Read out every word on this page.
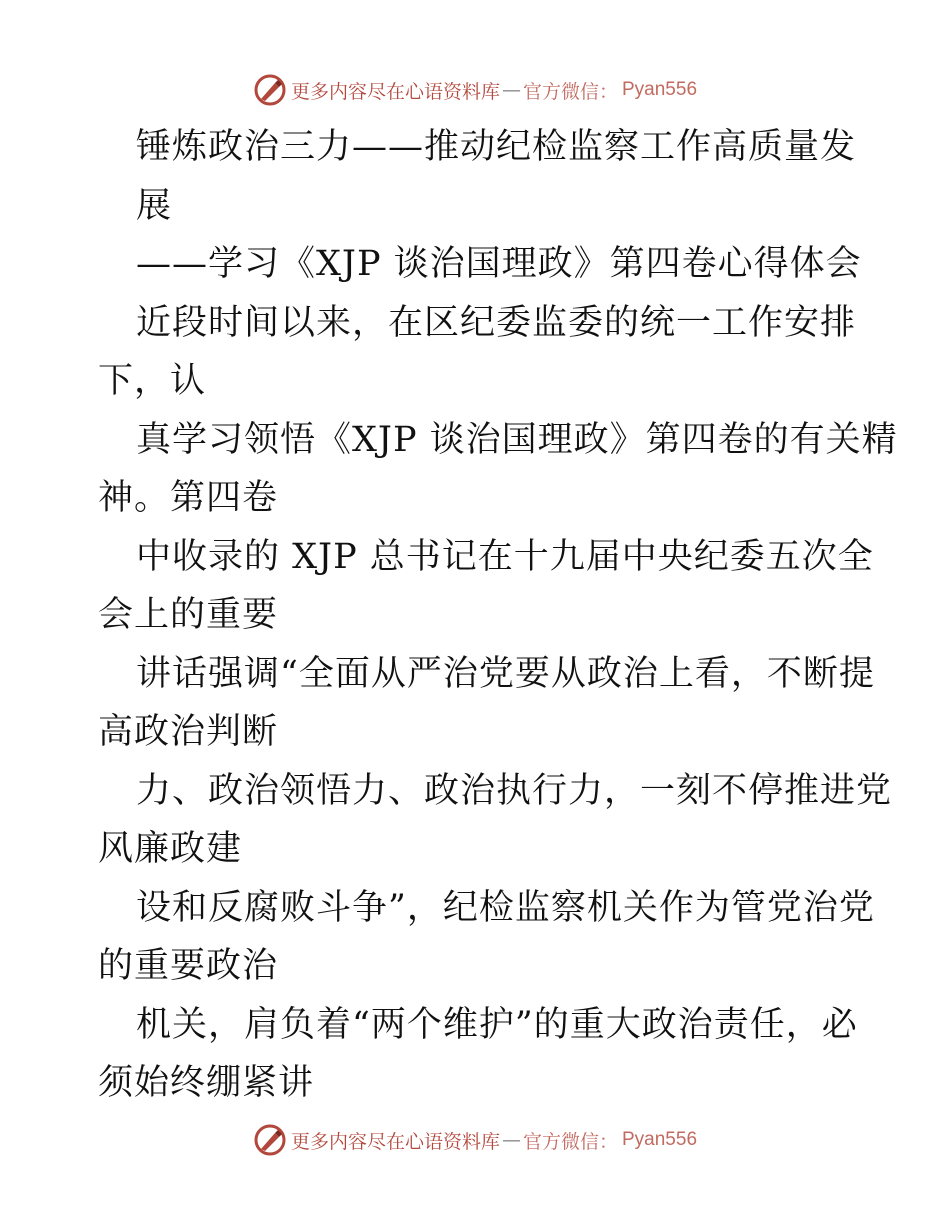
更多内容尽在心语资料库 — 官方微信： Pyan556
锤炼政治三力——推动纪检监察工作高质量发
展
——学习《XJP 谈治国理政》第四卷心得体会
近段时间以来，在区纪委监委的统一工作安排
下，认
真学习领悟《XJP 谈治国理政》第四卷的有关精
神。第四卷
中收录的 XJP 总书记在十九届中央纪委五次全
会上的重要
讲话强调“全面从严治党要从政治上看，不断提
高政治判断
力、政治领悟力、政治执行力，一刻不停推进党
风廉政建
设和反腐败斗争”，纪检监察机关作为管党治党
的重要政治
机关，肩负着“两个维护”的重大政治责任，必
须始终绷紧讲
更多内容尽在心语资料库 — 官方微信： Pyan556
